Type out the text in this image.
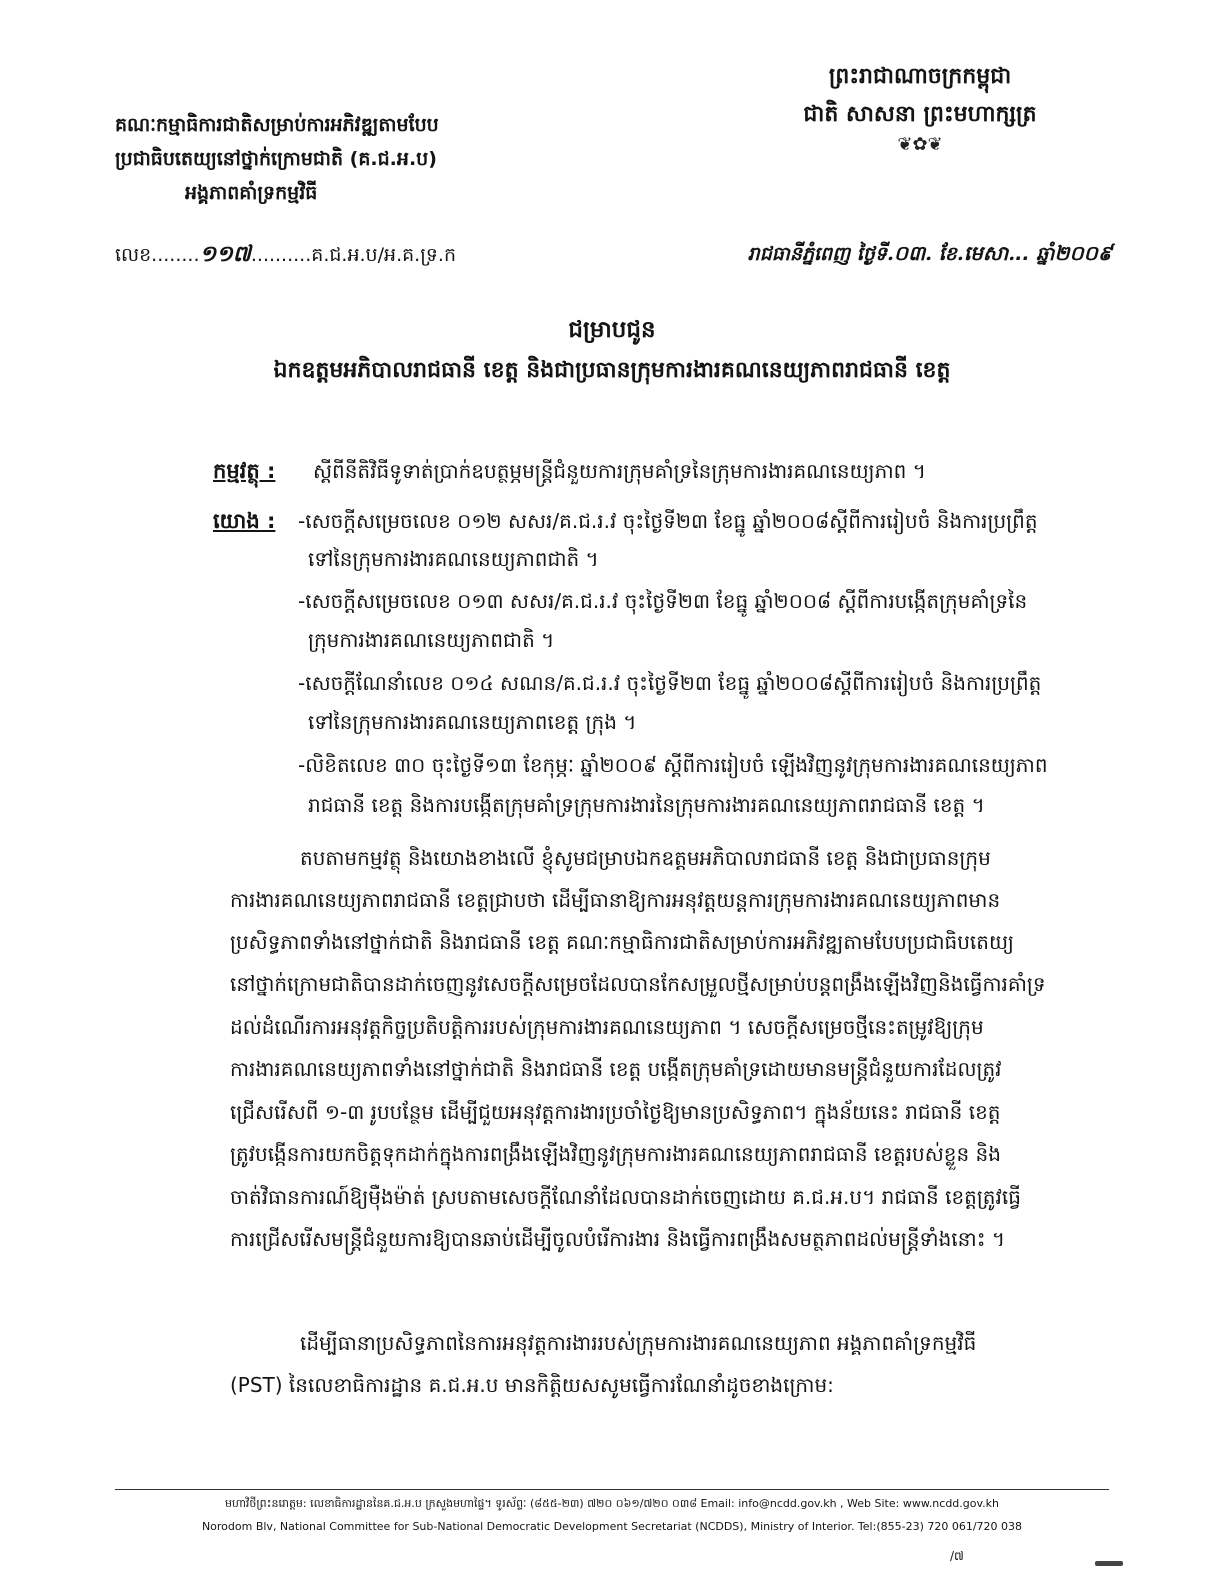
គណៈកម្មាធិការជាតិសម្រាប់ការអភិវឌ្ឍតាមបែប
ប្រជាធិបតេយ្យនៅថ្នាក់ក្រោមជាតិ (គ.ជ.អ.ប)
អង្គភាពគាំទ្រកម្មវិធី
ព្រះរាជាណាចក្រកម្ពុជា
ជាតិ សាសនា ព្រះមហាក្សត្រ
❦✿❦
លេខ........១១៧..........គ.ជ.អ.ប/អ.គ.ទ្រ.ក	រាជធានីភ្នំពេញ ថ្ងៃទី.០៣. ខែ.មេសា... ឆ្នាំ២០០៩
ជម្រាបជូន
ឯកឧត្តមអភិបាលរាជធានី ខេត្ត និងជាប្រធានក្រុមការងារគណនេយ្យភាពរាជធានី ខេត្ត
កម្មវត្ថុ : ស្តីពីនីតិវិធីទូទាត់ប្រាក់ឧបត្ថម្ភមន្ត្រីជំនួយការក្រុមគាំទ្រនៃក្រុមការងារគណនេយ្យភាព ។
យោង : -សេចក្តីសម្រេចលេខ ០១២ សសរ/គ.ជ.រ.វ ចុះថ្ងៃទី២៣ ខែធ្នូ ឆ្នាំ២០០៨ស្តីពីការរៀបចំ និងការប្រព្រឹត្ត
ទៅនៃក្រុមការងារគណនេយ្យភាពជាតិ ។
-សេចក្តីសម្រេចលេខ ០១៣ សសរ/គ.ជ.រ.វ ចុះថ្ងៃទី២៣ ខែធ្នូ ឆ្នាំ២០០៨ ស្តីពីការបង្កើតក្រុមគាំទ្រនៃ
ក្រុមការងារគណនេយ្យភាពជាតិ ។
-សេចក្តីណែនាំលេខ ០១៤ សណន/គ.ជ.រ.វ ចុះថ្ងៃទី២៣ ខែធ្នូ ឆ្នាំ២០០៨ស្តីពីការរៀបចំ និងការប្រព្រឹត្ត
ទៅនៃក្រុមការងារគណនេយ្យភាពខេត្ត ក្រុង ។
-លិខិតលេខ ៣០ ចុះថ្ងៃទី១៣ ខែកុម្ភៈ ឆ្នាំ២០០៩ ស្តីពីការរៀបចំ ឡើងវិញនូវក្រុមការងារគណនេយ្យភាព
រាជធានី ខេត្ត និងការបង្កើតក្រុមគាំទ្រក្រុមការងារនៃក្រុមការងារគណនេយ្យភាពរាជធានី ខេត្ត ។
តបតាមកម្មវត្ថុ និងយោងខាងលើ ខ្ញុំសូមជម្រាបឯកឧត្តមអភិបាលរាជធានី ខេត្ត និងជាប្រធានក្រុម
ការងារគណនេយ្យភាពរាជធានី ខេត្តជ្រាបថា ដើម្បីធានាឱ្យការអនុវត្តយន្តការក្រុមការងារគណនេយ្យភាពមាន
ប្រសិទ្ធភាពទាំងនៅថ្នាក់ជាតិ និងរាជធានី ខេត្ត គណៈកម្មាធិការជាតិសម្រាប់ការអភិវឌ្ឍតាមបែបប្រជាធិបតេយ្យ
នៅថ្នាក់ក្រោមជាតិបានដាក់ចេញនូវសេចក្តីសម្រេចដែលបានកែសម្រួលថ្មីសម្រាប់បន្តពង្រឹងឡើងវិញនិងធ្វើការគាំទ្រ
ដល់ដំណើរការអនុវត្តកិច្ចប្រតិបត្តិការរបស់ក្រុមការងារគណនេយ្យភាព ។ សេចក្តីសម្រេចថ្មីនេះតម្រូវឱ្យក្រុម
ការងារគណនេយ្យភាពទាំងនៅថ្នាក់ជាតិ និងរាជធានី ខេត្ត បង្កើតក្រុមគាំទ្រដោយមានមន្ត្រីជំនួយការដែលត្រូវ
ជ្រើសរើសពី ១-៣ រូបបន្ថែម ដើម្បីជួយអនុវត្តការងារប្រចាំថ្ងៃឱ្យមានប្រសិទ្ធភាព។ ក្នុងន័យនេះ រាជធានី ខេត្ត
ត្រូវបង្កើនការយកចិត្តទុកដាក់ក្នុងការពង្រឹងឡើងវិញនូវក្រុមការងារគណនេយ្យភាពរាជធានី ខេត្តរបស់ខ្លួន និង
ចាត់វិធានការណ៍ឱ្យម៉ឺងម៉ាត់ ស្របតាមសេចក្តីណែនាំដែលបានដាក់ចេញដោយ គ.ជ.អ.ប។ រាជធានី ខេត្តត្រូវធ្វើ
ការជ្រើសរើសមន្ត្រីជំនួយការឱ្យបានឆាប់ដើម្បីចូលបំរើការងារ និងធ្វើការពង្រឹងសមត្ថភាពដល់មន្ត្រីទាំងនោះ ។
ដើម្បីធានាប្រសិទ្ធភាពនៃការអនុវត្តការងាររបស់ក្រុមការងារគណនេយ្យភាព អង្គភាពគាំទ្រកម្មវិធី
(PST) នៃលេខាធិការដ្ឋាន គ.ជ.អ.ប មានកិត្តិយសសូមធ្វើការណែនាំដូចខាងក្រោម:
មហាវិថីព្រះនរោត្តម: លេខាធិការដ្ឋាននៃគ.ជ.អ.ប ក្រសួងមហាផ្ទៃ។ ទូរស័ព្ទៈ (៨៥៥-២៣) ៧២០ ០៦១/៧២០ ០៣៨ Email: info@ncdd.gov.kh , Web Site: www.ncdd.gov.kh
Norodom Blv, National Committee for Sub-National Democratic Development Secretariat (NCDDS), Ministry of Interior. Tel:(855-23) 720 061/720 038
/៧
